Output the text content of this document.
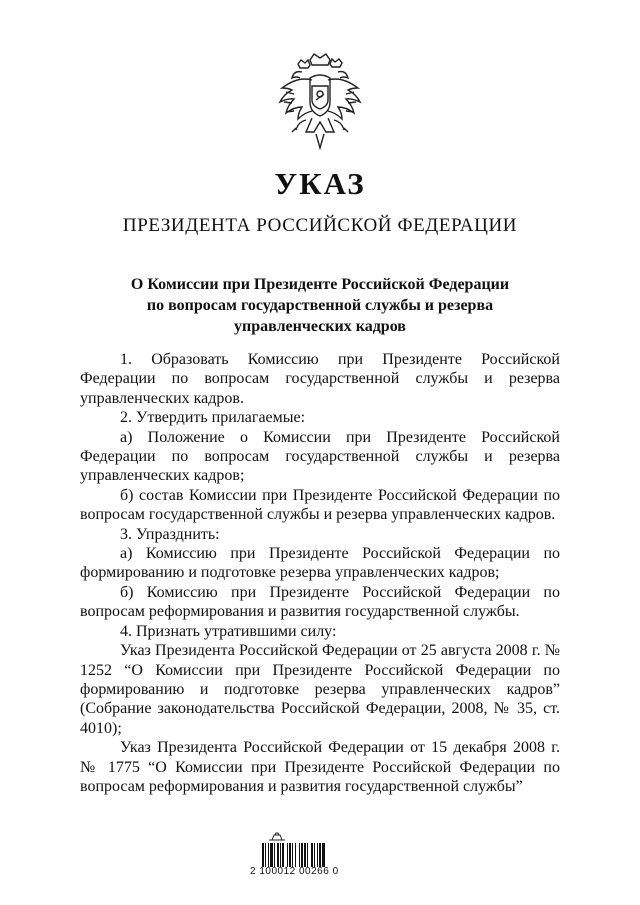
УКАЗ
ПРЕЗИДЕНТА РОССИЙСКОЙ ФЕДЕРАЦИИ
О Комиссии при Президенте Российской Федерации
по вопросам государственной службы и резерва
управленческих кадров

1. Образовать Комиссию при Президенте Российской Федерации по вопросам государственной службы и резерва управленческих кадров.

2. Утвердить прилагаемые:

а) Положение о Комиссии при Президенте Российской Федерации по вопросам государственной службы и резерва управленческих кадров;

б) состав Комиссии при Президенте Российской Федерации по вопросам государственной службы и резерва управленческих кадров.

3. Упразднить:

а) Комиссию при Президенте Российской Федерации по формированию и подготовке резерва управленческих кадров;

б) Комиссию при Президенте Российской Федерации по вопросам реформирования и развития государственной службы.

4. Признать утратившими силу:

Указ Президента Российской Федерации от 25 августа 2008 г. № 1252 “О Комиссии при Президенте Российской Федерации по формированию и подготовке резерва управленческих кадров” (Собрание законодательства Российской Федерации, 2008, № 35, ст. 4010);

Указ Президента Российской Федерации от 15 декабря 2008 г. № 1775 “О Комиссии при Президенте Российской Федерации по вопросам реформирования и развития государственной службы”

2 100012 00266 0
